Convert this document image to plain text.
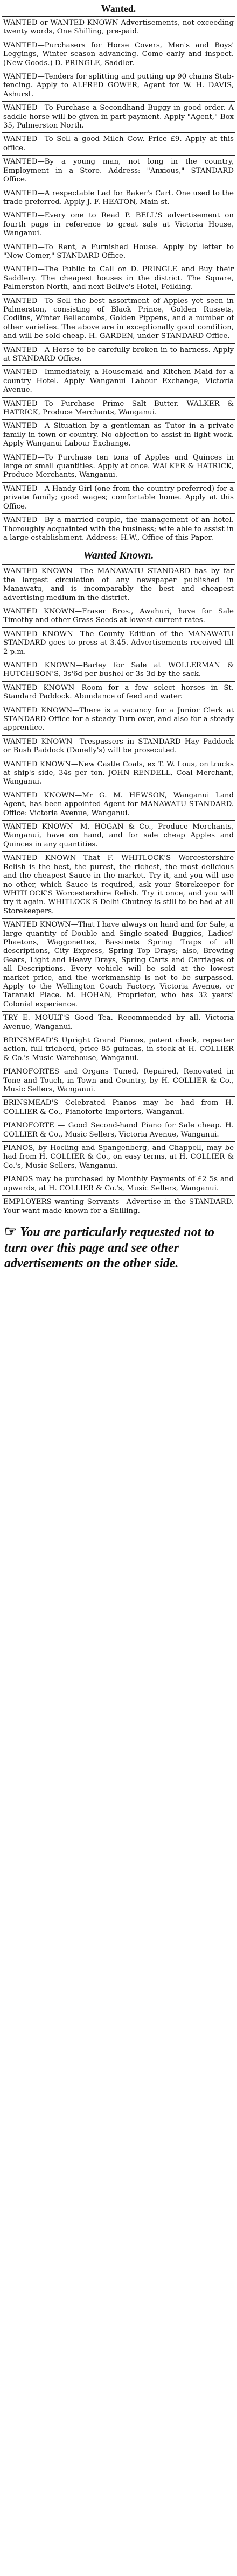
Wanted.
WANTED or WANTED KNOWN Advertisements, not exceeding twenty words, One Shilling, pre-paid.
WANTED—Purchasers for Horse Covers, Men's and Boys' Leggings, Winter season advancing. Come early and inspect. (New Goods.) D. PRINGLE, Saddler.
WANTED—Tenders for splitting and putting up 90 chains Stab-fencing. Apply to ALFRED GOWER, Agent for W. H. DAVIS, Ashurst.
WANTED—To Purchase a Secondhand Buggy in good order. A saddle horse will be given in part payment. Apply "Agent," Box 35, Palmerston North.
WANTED—To Sell a good Milch Cow. Price £9. Apply at this office.
WANTED—By a young man, not long in the country, Employment in a Store. Address: "Anxious," STANDARD Office.
WANTED—A respectable Lad for Baker's Cart. One used to the trade preferred. Apply J. F. HEATON, Main-st.
WANTED—Every one to Read P. BELL'S advertisement on fourth page in reference to great sale at Victoria House, Wanganui.
WANTED—To Rent, a Furnished House. Apply by letter to "New Comer," STANDARD Office.
WANTED—The Public to Call on D. PRINGLE and Buy their Saddlery. The cheapest houses in the district. The Square, Palmerston North, and next Bellve's Hotel, Feilding.
WANTED—To Sell the best assortment of Apples yet seen in Palmerston, consisting of Black Prince, Golden Russets, Codlins, Winter Bellecombs, Golden Pippens, and a number of other varieties. The above are in exceptionally good condition, and will be sold cheap. H. GARDEN, under STANDARD Office.
WANTED—A Horse to be carefully broken in to harness. Apply at STANDARD Office.
WANTED—Immediately, a Housemaid and Kitchen Maid for a country Hotel. Apply Wanganui Labour Exchange, Victoria Avenue.
WANTED—To Purchase Prime Salt Butter. WALKER & HATRICK, Produce Merchants, Wanganui.
WANTED—A Situation by a gentleman as Tutor in a private family in town or country. No objection to assist in light work. Apply Wanganui Labour Exchange.
WANTED—To Purchase ten tons of Apples and Quinces in large or small quantities. Apply at once. WALKER & HATRICK, Produce Merchants, Wanganui.
WANTED—A Handy Girl (one from the country preferred) for a private family; good wages; comfortable home. Apply at this Office.
WANTED—By a married couple, the management of an hotel. Thoroughly acquainted with the business; wife able to assist in a large establishment. Address: H.W., Office of this Paper.
Wanted Known.
WANTED KNOWN—The MANAWATU STANDARD has by far the largest circulation of any newspaper published in Manawatu, and is incomparably the best and cheapest advertising medium in the district.
WANTED KNOWN—Fraser Bros., Awahuri, have for Sale Timothy and other Grass Seeds at lowest current rates.
WANTED KNOWN—The County Edition of the MANAWATU STANDARD goes to press at 3.45. Advertisements received till 2 p.m.
WANTED KNOWN—Barley for Sale at WOLLERMAN & HUTCHISON'S, 3s'6d per bushel or 3s 3d by the sack.
WANTED KNOWN—Room for a few select horses in St. Standard Paddock. Abundance of feed and water.
WANTED KNOWN—There is a vacancy for a Junior Clerk at STANDARD Office for a steady Turn-over, and also for a steady apprentice.
WANTED KNOWN—Trespassers in STANDARD Hay Paddock or Bush Paddock (Donelly's) will be prosecuted.
WANTED KNOWN—New Castle Coals, ex T. W. Lous, on trucks at ship's side, 34s per ton. JOHN RENDELL, Coal Merchant, Wanganui.
WANTED KNOWN—Mr G. M. HEWSON, Wanganui Land Agent, has been appointed Agent for MANAWATU STANDARD. Office: Victoria Avenue, Wanganui.
WANTED KNOWN—M. HOGAN & Co., Produce Merchants, Wanganui, have on hand, and for sale cheap Apples and Quinces in any quantities.
WANTED KNOWN—That F. WHITLOCK'S Worcestershire Relish is the best, the purest, the richest, the most delicious and the cheapest Sauce in the market. Try it, and you will use no other, which Sauce is required, ask your Storekeeper for WHITLOCK'S Worcestershire Relish. Try it once, and you will try it again. WHITLOCK'S Delhi Chutney is still to be had at all Storekeepers.
WANTED KNOWN—That I have always on hand and for Sale, a large quantity of Double and Single-seated Buggies, Ladies' Phaetons, Waggonettes, Bassinets Spring Traps of all descriptions, City Express, Spring Top Drays; also, Brewing Gears, Light and Heavy Drays, Spring Carts and Carriages of all Descriptions. Every vehicle will be sold at the lowest market price, and the workmanship is not to be surpassed. Apply to the Wellington Coach Factory, Victoria Avenue, or Taranaki Place. M. HOHAN, Proprietor, who has 32 years' Colonial experience.
TRY E. MOULT'S Good Tea. Recommended by all. Victoria Avenue, Wanganui.
BRINSMEAD'S Upright Grand Pianos, patent check, repeater action, full trichord, price 85 guineas, in stock at H. COLLIER & Co.'s Music Warehouse, Wanganui.
PIANOFORTES and Organs Tuned, Repaired, Renovated in Tone and Touch, in Town and Country, by H. COLLIER & Co., Music Sellers, Wanganui.
BRINSMEAD'S Celebrated Pianos may be had from H. COLLIER & Co., Pianoforte Importers, Wanganui.
PIANOFORTE — Good Second-hand Piano for Sale cheap. H. COLLIER & Co., Music Sellers, Victoria Avenue, Wanganui.
PIANOS, by Hocling and Spangenberg, and Chappell, may be had from H. COLLIER & Co., on easy terms, at H. COLLIER & Co.'s, Music Sellers, Wanganui.
PIANOS may be purchased by Monthly Payments of £2 5s and upwards, at H. COLLIER & Co.'s, Music Sellers, Wanganui.
EMPLOYERS wanting Servants—Advertise in the STANDARD. Your want made known for a Shilling.
☞ You are particularly requested not to turn over this page and see other advertisements on the other side.
